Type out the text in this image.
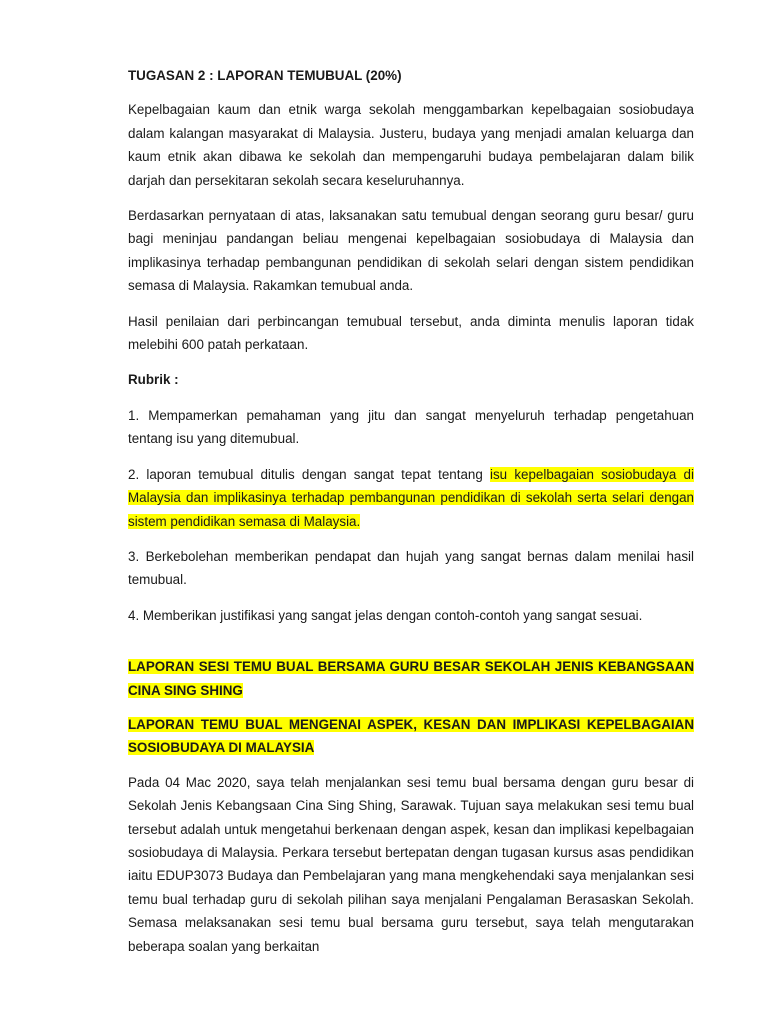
TUGASAN 2 : LAPORAN TEMUBUAL (20%)

Kepelbagaian kaum dan etnik warga sekolah menggambarkan kepelbagaian sosiobudaya dalam kalangan masyarakat di Malaysia. Justeru, budaya yang menjadi amalan keluarga dan kaum etnik akan dibawa ke sekolah dan mempengaruhi budaya pembelajaran dalam bilik darjah dan persekitaran sekolah secara keseluruhannya.

Berdasarkan pernyataan di atas, laksanakan satu temubual dengan seorang guru besar/ guru bagi meninjau pandangan beliau mengenai kepelbagaian sosiobudaya di Malaysia dan implikasinya terhadap pembangunan pendidikan di sekolah selari dengan sistem pendidikan semasa di Malaysia. Rakamkan temubual anda.

Hasil penilaian dari perbincangan temubual tersebut, anda diminta menulis laporan tidak melebihi 600 patah perkataan.

Rubrik :

1. Mempamerkan pemahaman yang jitu dan sangat menyeluruh terhadap pengetahuan tentang isu yang ditemubual.

2. laporan temubual ditulis dengan sangat tepat tentang isu kepelbagaian sosiobudaya di Malaysia dan implikasinya terhadap pembangunan pendidikan di sekolah serta selari dengan sistem pendidikan semasa di Malaysia.

3. Berkebolehan memberikan pendapat dan hujah yang sangat bernas dalam menilai hasil temubual.

4. Memberikan justifikasi yang sangat jelas dengan contoh-contoh yang sangat sesuai.

LAPORAN SESI TEMU BUAL BERSAMA GURU BESAR SEKOLAH JENIS KEBANGSAAN CINA SING SHING

LAPORAN TEMU BUAL MENGENAI ASPEK, KESAN DAN IMPLIKASI KEPELBAGAIAN SOSIOBUDAYA DI MALAYSIA

Pada 04 Mac 2020, saya telah menjalankan sesi temu bual bersama dengan guru besar di Sekolah Jenis Kebangsaan Cina Sing Shing, Sarawak. Tujuan saya melakukan sesi temu bual tersebut adalah untuk mengetahui berkenaan dengan aspek, kesan dan implikasi kepelbagaian sosiobudaya di Malaysia. Perkara tersebut bertepatan dengan tugasan kursus asas pendidikan iaitu EDUP3073 Budaya dan Pembelajaran yang mana mengkehendaki saya menjalankan sesi temu bual terhadap guru di sekolah pilihan saya menjalani Pengalaman Berasaskan Sekolah. Semasa melaksanakan sesi temu bual bersama guru tersebut, saya telah mengutarakan beberapa soalan yang berkaitan
